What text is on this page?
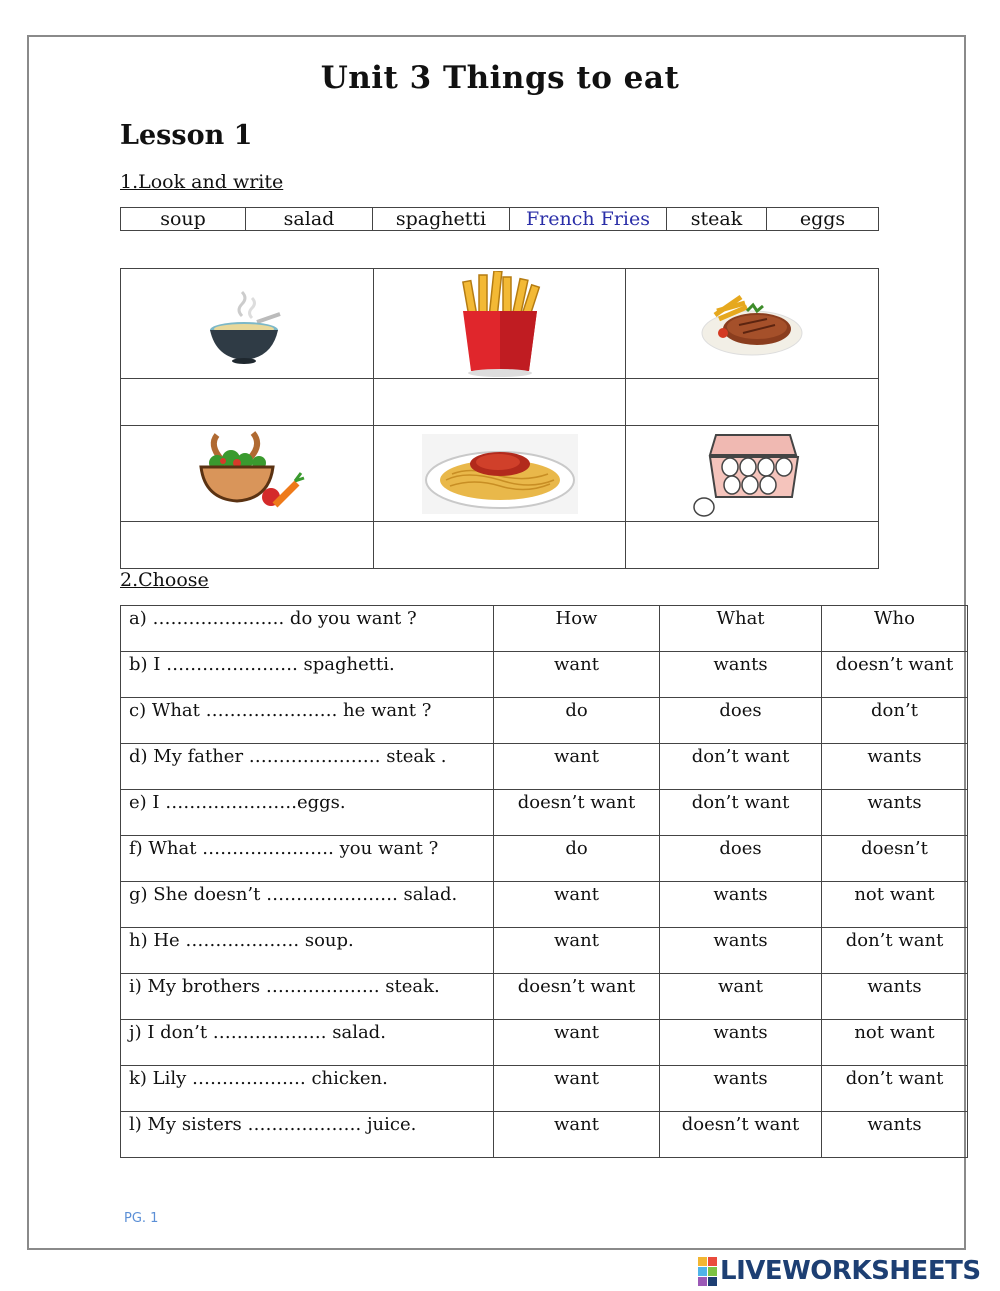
Unit 3 Things to eat
Lesson 1
1.Look and write
soup	salad	spaghetti	French Fries	steak	eggs

2.Choose
a) …………………. do you want ?	How	What	Who
b) I …………………. spaghetti.	want	wants	doesn’t want
c) What …………………. he want ?	do	does	don’t
d) My father …………………. steak .	want	don’t want	wants
e) I ………………….eggs.	doesn’t want	don’t want	wants
f) What …………………. you want ?	do	does	doesn’t
g) She doesn’t …………………. salad.	want	wants	not want
h) He ………………. soup.	want	wants	don’t want
i) My brothers ………………. steak.	doesn’t want	want	wants
j) I don’t ………………. salad.	want	wants	not want
k) Lily ………………. chicken.	want	wants	don’t want
l) My sisters ………………. juice.	want	doesn’t want	wants
PG. 1
LIVEWORKSHEETS
